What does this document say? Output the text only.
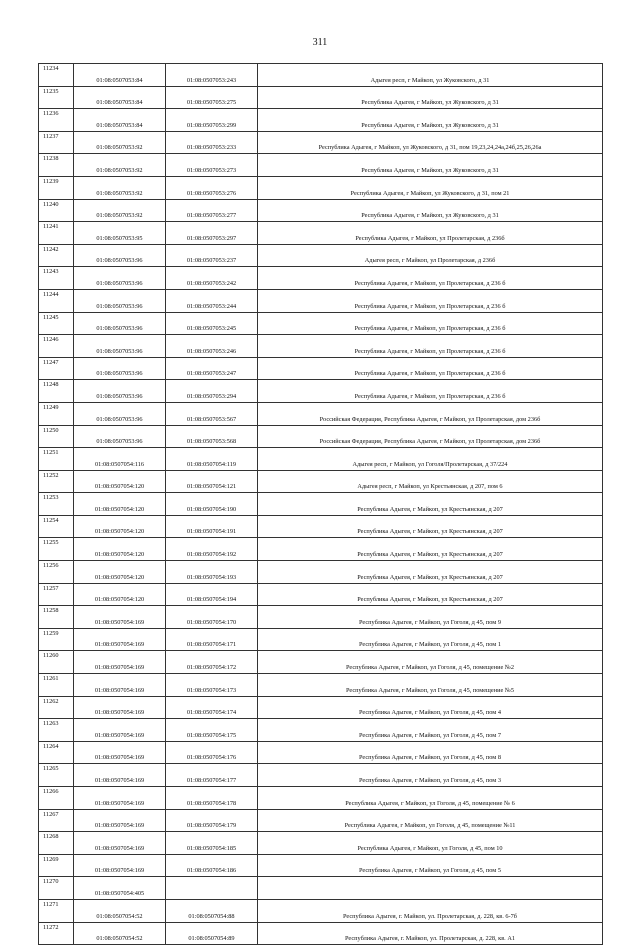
311
11234	01:08:0507053:84	01:08:0507053:243	Адыгея респ, г Майкоп, ул Жуковского, д 31
11235	01:08:0507053:84	01:08:0507053:275	Республика Адыгея, г Майкоп, ул Жуковского, д 31
11236	01:08:0507053:84	01:08:0507053:299	Республика Адыгея, г Майкоп, ул Жуковского, д 31
11237	01:08:0507053:92	01:08:0507053:233	Республика Адыгея, г Майкоп, ул Жуковского, д 31, пом 19,23,24,24а,24б,25,26,26а
11238	01:08:0507053:92	01:08:0507053:273	Республика Адыгея, г Майкоп, ул Жуковского, д 31
11239	01:08:0507053:92	01:08:0507053:276	Республика Адыгея, г Майкоп, ул Жуковского, д 31, пом 21
11240	01:08:0507053:92	01:08:0507053:277	Республика Адыгея, г Майкоп, ул Жуковского, д 31
11241	01:08:0507053:95	01:08:0507053:297	Республика Адыгея, г Майкоп, ул Пролетарская, д 236б
11242	01:08:0507053:96	01:08:0507053:237	Адыгея респ, г Майкоп, ул Пролетарская, д 236б
11243	01:08:0507053:96	01:08:0507053:242	Республика Адыгея, г Майкоп, ул Пролетарская, д 236 б
11244	01:08:0507053:96	01:08:0507053:244	Республика Адыгея, г Майкоп, ул Пролетарская, д 236 б
11245	01:08:0507053:96	01:08:0507053:245	Республика Адыгея, г Майкоп, ул Пролетарская, д 236 б
11246	01:08:0507053:96	01:08:0507053:246	Республика Адыгея, г Майкоп, ул Пролетарская, д 236 б
11247	01:08:0507053:96	01:08:0507053:247	Республика Адыгея, г Майкоп, ул Пролетарская, д 236 б
11248	01:08:0507053:96	01:08:0507053:294	Республика Адыгея, г Майкоп, ул Пролетарская, д 236 б
11249	01:08:0507053:96	01:08:0507053:567	Российская Федерация, Республика Адыгея, г Майкоп, ул Пролетарская, дом 236б
11250	01:08:0507053:96	01:08:0507053:568	Российская Федерация, Республика Адыгея, г Майкоп, ул Пролетарская, дом 236б
11251	01:08:0507054:116	01:08:0507054:119	Адыгея респ, г Майкоп, ул Гоголя/Пролетарская, д 37/224
11252	01:08:0507054:120	01:08:0507054:121	Адыгея респ, г Майкоп, ул Крестьянская, д 207, пом 6
11253	01:08:0507054:120	01:08:0507054:190	Республика Адыгея, г Майкоп, ул Крестьянская, д 207
11254	01:08:0507054:120	01:08:0507054:191	Республика Адыгея, г Майкоп, ул Крестьянская, д 207
11255	01:08:0507054:120	01:08:0507054:192	Республика Адыгея, г Майкоп, ул Крестьянская, д 207
11256	01:08:0507054:120	01:08:0507054:193	Республика Адыгея, г Майкоп, ул Крестьянская, д 207
11257	01:08:0507054:120	01:08:0507054:194	Республика Адыгея, г Майкоп, ул Крестьянская, д 207
11258	01:08:0507054:169	01:08:0507054:170	Республика Адыгея, г Майкоп, ул Гоголя, д 45, пом 9
11259	01:08:0507054:169	01:08:0507054:171	Республика Адыгея, г Майкоп, ул Гоголя, д 45, пом 1
11260	01:08:0507054:169	01:08:0507054:172	Республика Адыгея, г Майкоп, ул Гоголя, д 45, помещение №2
11261	01:08:0507054:169	01:08:0507054:173	Республика Адыгея, г Майкоп, ул Гоголя, д 45, помещение №5
11262	01:08:0507054:169	01:08:0507054:174	Республика Адыгея, г Майкоп, ул Гоголя, д 45, пом 4
11263	01:08:0507054:169	01:08:0507054:175	Республика Адыгея, г Майкоп, ул Гоголя, д 45, пом 7
11264	01:08:0507054:169	01:08:0507054:176	Республика Адыгея, г Майкоп, ул Гоголя, д 45, пом 8
11265	01:08:0507054:169	01:08:0507054:177	Республика Адыгея, г Майкоп, ул Гоголя, д 45, пом 3
11266	01:08:0507054:169	01:08:0507054:178	Республика Адыгея, г Майкоп, ул Гоголя, д 45, помещение № 6
11267	01:08:0507054:169	01:08:0507054:179	Республика Адыгея, г Майкоп, ул Гоголя, д 45, помещение №11
11268	01:08:0507054:169	01:08:0507054:185	Республика Адыгея, г Майкоп, ул Гоголя, д 45, пом 10
11269	01:08:0507054:169	01:08:0507054:186	Республика Адыгея, г Майкоп, ул Гоголя, д 45, пом 5
11270	01:08:0507054:405		
11271	01:08:0507054:52	01:08:0507054:88	Республика Адыгея, г. Майкоп, ул. Пролетарская, д. 228, кв. 6-7б
11272	01:08:0507054:52	01:08:0507054:89	Республика Адыгея, г. Майкоп, ул. Пролетарская, д. 228, кв. А1
